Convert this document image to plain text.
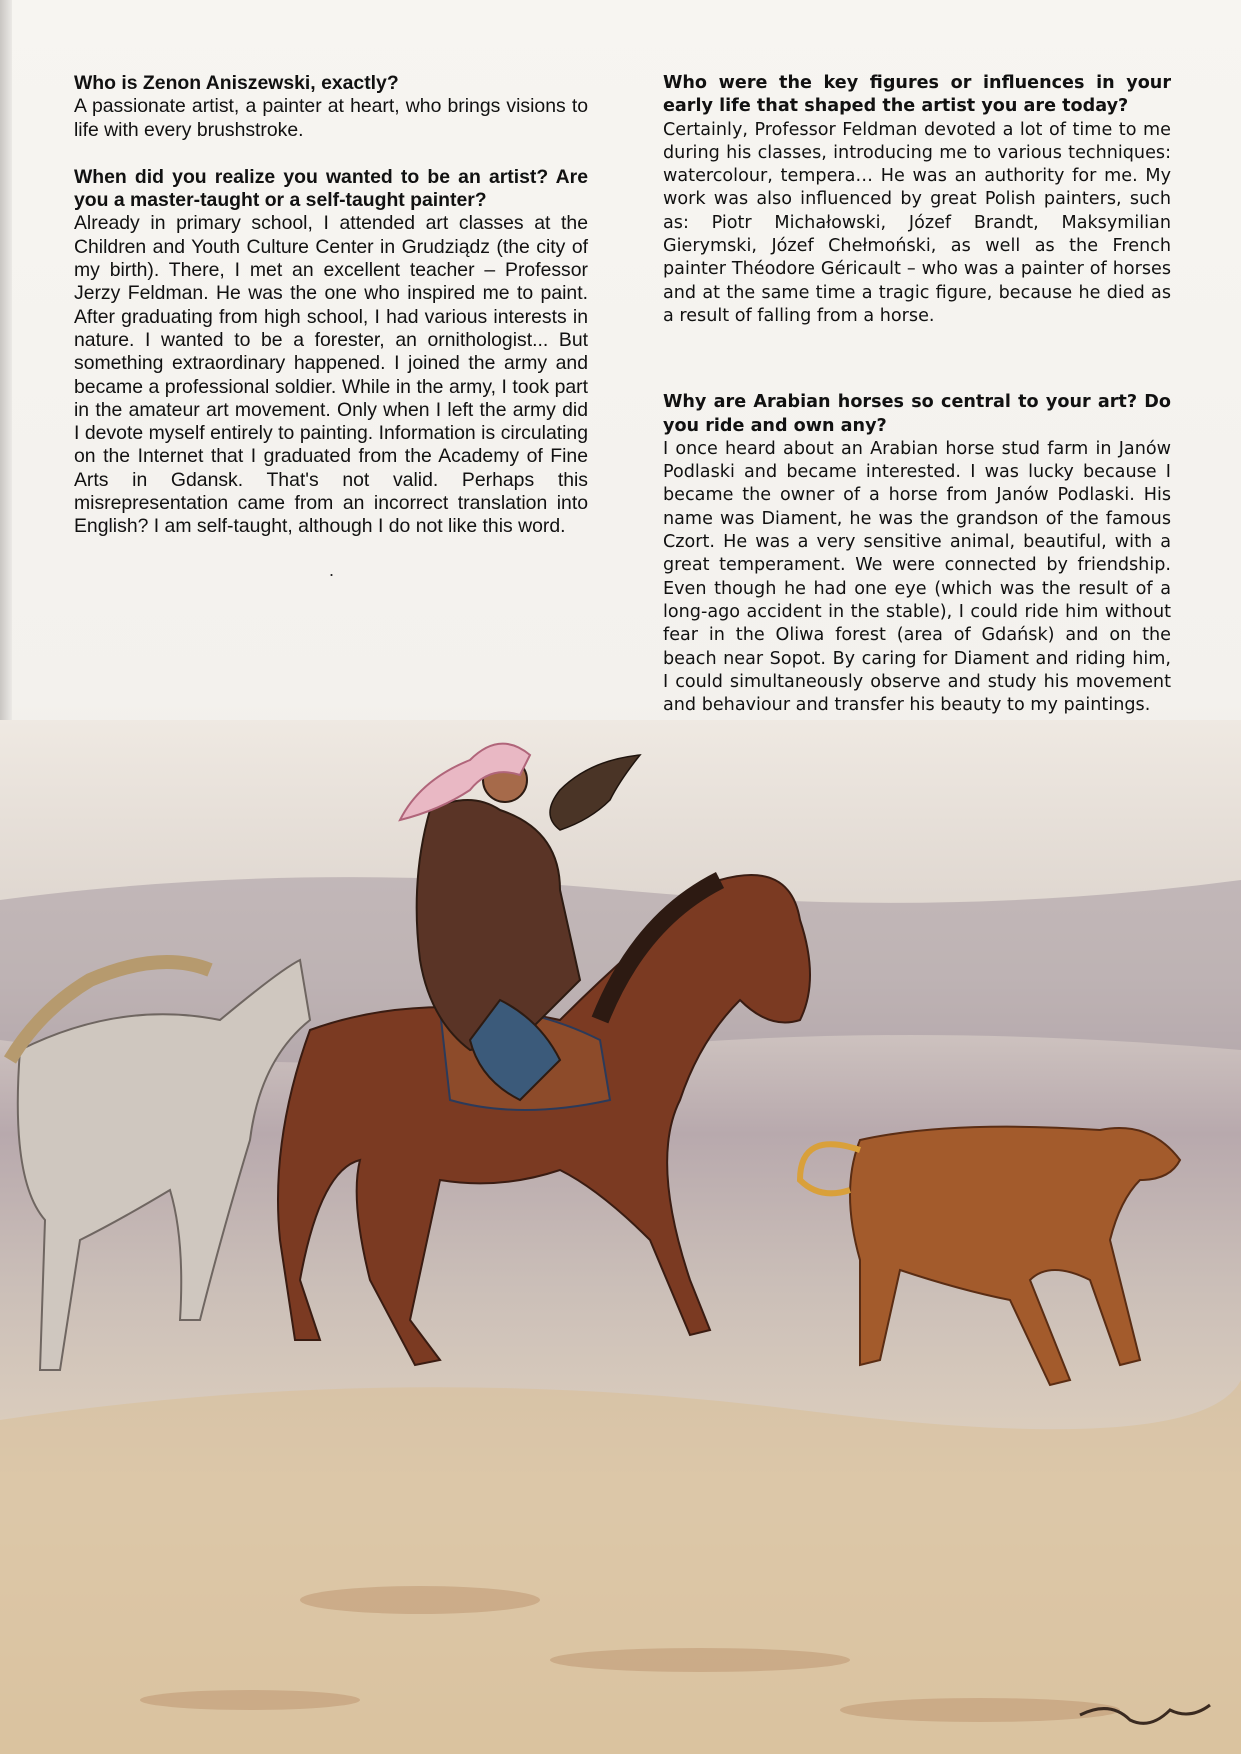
Who is Zenon Aniszewski, exactly?

A passionate artist, a painter at heart, who brings visions to life with every brushstroke.

When did you realize you wanted to be an artist? Are you a master-taught or a self-taught painter?

Already in primary school, I attended art classes at the Children and Youth Culture Center in Grudziądz (the city of my birth). There, I met an excellent teacher – Professor Jerzy Feldman. He was the one who inspired me to paint. After graduating from high school, I had various interests in nature. I wanted to be a forester, an ornithologist... But something extraordinary happened. I joined the army and became a professional soldier. While in the army, I took part in the amateur art movement. Only when I left the army did I devote myself entirely to painting. Information is circulating on the Internet that I graduated from the Academy of Fine Arts in Gdansk. That's not valid. Perhaps this misrepresentation came from an incorrect translation into English? I am self-taught, although I do not like this word.

.

Who were the key figures or influences in your early life that shaped the artist you are today?

Certainly, Professor Feldman devoted a lot of time to me during his classes, introducing me to various techniques: watercolour, tempera… He was an authority for me. My work was also influenced by great Polish painters, such as: Piotr Michałowski, Józef Brandt, Maksymilian Gierymski, Józef Chełmoński, as well as the French painter Théodore Géricault – who was a painter of horses and at the same time a tragic figure, because he died as a result of falling from a horse.

Why are Arabian horses so central to your art? Do you ride and own any?

I once heard about an Arabian horse stud farm in Janów Podlaski and became interested. I was lucky because I became the owner of a horse from Janów Podlaski. His name was Diament, he was the grandson of the famous Czort. He was a very sensitive animal, beautiful, with a great temperament. We were connected by friendship. Even though he had one eye (which was the result of a long-ago accident in the stable), I could ride him without fear in the Oliwa forest (area of Gdańsk) and on the beach near Sopot. By caring for Diament and riding him, I could simultaneously observe and study his movement and behaviour and transfer his beauty to my paintings.
